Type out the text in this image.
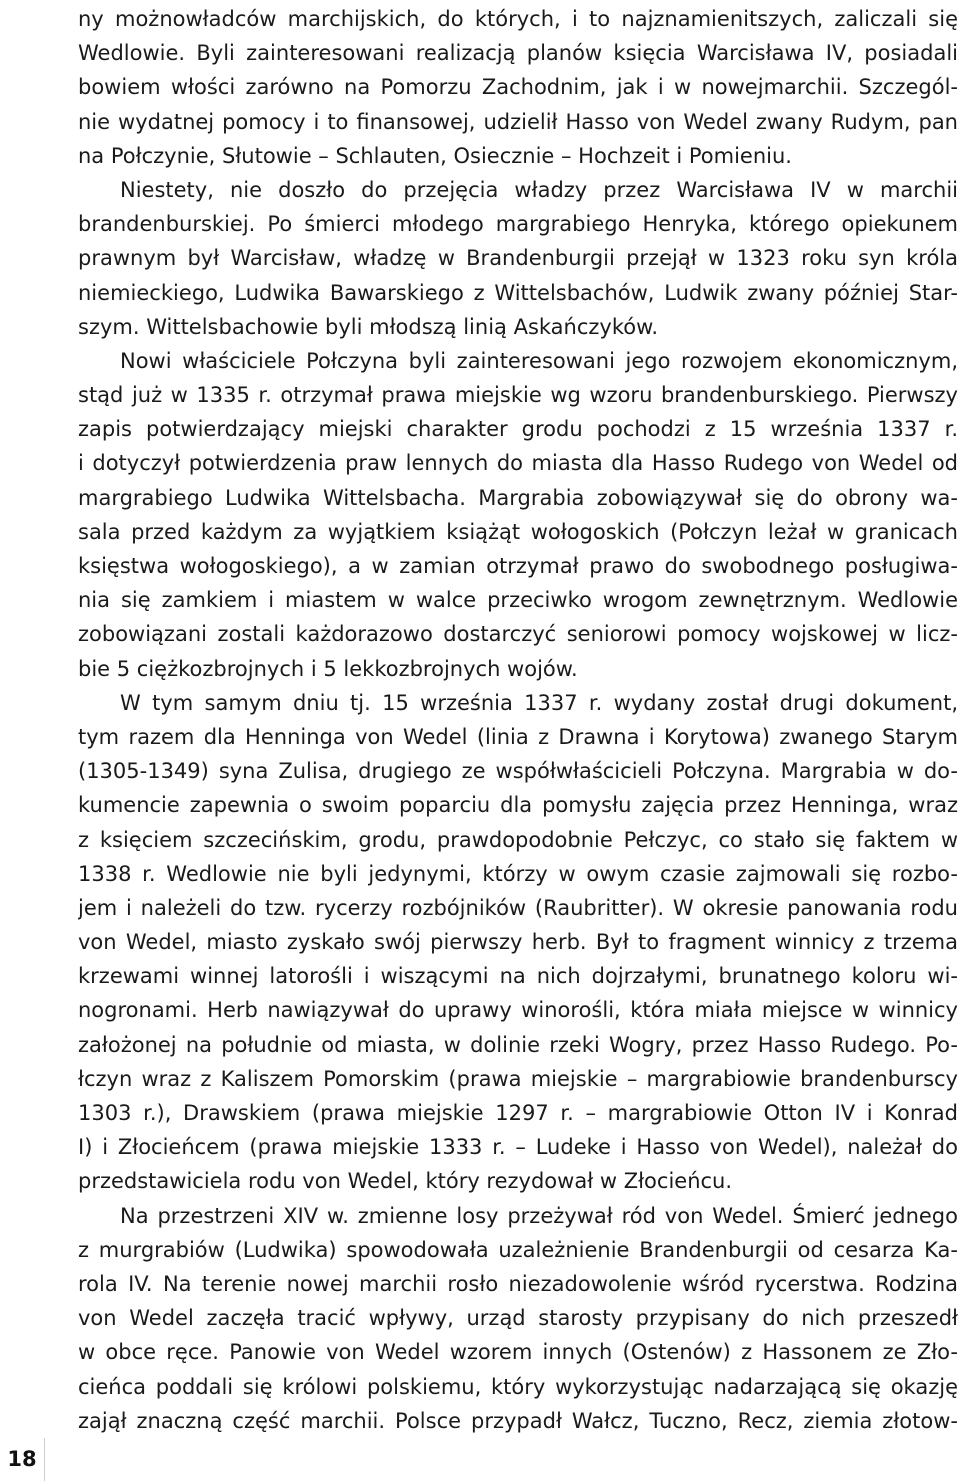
ny możnowładców marchijskich, do których, i to najznamienitszych, zaliczali się
Wedlowie. Byli zainteresowani realizacją planów księcia Warcisława IV, posiadali
bowiem włości zarówno na Pomorzu Zachodnim, jak i w nowejmarchii. Szczegól-
nie wydatnej pomocy i to finansowej, udzielił Hasso von Wedel zwany Rudym, pan
na Połczynie, Słutowie – Schlauten, Osiecznie – Hochzeit i Pomieniu.
Niestety, nie doszło do przejęcia władzy przez Warcisława IV w marchii
brandenburskiej. Po śmierci młodego margrabiego Henryka, którego opiekunem
prawnym był Warcisław, władzę w Brandenburgii przejął w 1323 roku syn króla
niemieckiego, Ludwika Bawarskiego z Wittelsbachów, Ludwik zwany później Star-
szym. Wittelsbachowie byli młodszą linią Askańczyków.
Nowi właściciele Połczyna byli zainteresowani jego rozwojem ekonomicznym,
stąd już w 1335 r. otrzymał prawa miejskie wg wzoru brandenburskiego. Pierwszy
zapis potwierdzający miejski charakter grodu pochodzi z 15 września 1337 r.
i dotyczył potwierdzenia praw lennych do miasta dla Hasso Rudego von Wedel od
margrabiego Ludwika Wittelsbacha. Margrabia zobowiązywał się do obrony wa-
sala przed każdym za wyjątkiem książąt wołogoskich (Połczyn leżał w granicach
księstwa wołogoskiego), a w zamian otrzymał prawo do swobodnego posługiwa-
nia się zamkiem i miastem w walce przeciwko wrogom zewnętrznym. Wedlowie
zobowiązani zostali każdorazowo dostarczyć seniorowi pomocy wojskowej w licz-
bie 5 ciężkozbrojnych i 5 lekkozbrojnych wojów.
W tym samym dniu tj. 15 września 1337 r. wydany został drugi dokument,
tym razem dla Henninga von Wedel (linia z Drawna i Korytowa) zwanego Starym
(1305-1349) syna Zulisa, drugiego ze współwłaścicieli Połczyna. Margrabia w do-
kumencie zapewnia o swoim poparciu dla pomysłu zajęcia przez Henninga, wraz
z księciem szczecińskim, grodu, prawdopodobnie Pełczyc, co stało się faktem w
1338 r. Wedlowie nie byli jedynymi, którzy w owym czasie zajmowali się rozbo-
jem i należeli do tzw. rycerzy rozbójników (Raubritter). W okresie panowania rodu
von Wedel, miasto zyskało swój pierwszy herb. Był to fragment winnicy z trzema
krzewami winnej latorośli i wiszącymi na nich dojrzałymi, brunatnego koloru wi-
nogronami. Herb nawiązywał do uprawy winorośli, która miała miejsce w winnicy
założonej na południe od miasta, w dolinie rzeki Wogry, przez Hasso Rudego. Po-
łczyn wraz z Kaliszem Pomorskim (prawa miejskie – margrabiowie brandenburscy
1303 r.), Drawskiem (prawa miejskie 1297 r. – margrabiowie Otton IV i Konrad
I) i Złocieńcem (prawa miejskie 1333 r. – Ludeke i Hasso von Wedel), należał do
przedstawiciela rodu von Wedel, który rezydował w Złocieńcu.
Na przestrzeni XIV w. zmienne losy przeżywał ród von Wedel. Śmierć jednego
z murgrabiów (Ludwika) spowodowała uzależnienie Brandenburgii od cesarza Ka-
rola IV. Na terenie nowej marchii rosło niezadowolenie wśród rycerstwa. Rodzina
von Wedel zaczęła tracić wpływy, urząd starosty przypisany do nich przeszedł
w obce ręce. Panowie von Wedel wzorem innych (Ostenów) z Hassonem ze Zło-
cieńca poddali się królowi polskiemu, który wykorzystując nadarzającą się okazję
zajął znaczną część marchii. Polsce przypadł Wałcz, Tuczno, Recz, ziemia złotow-
18
